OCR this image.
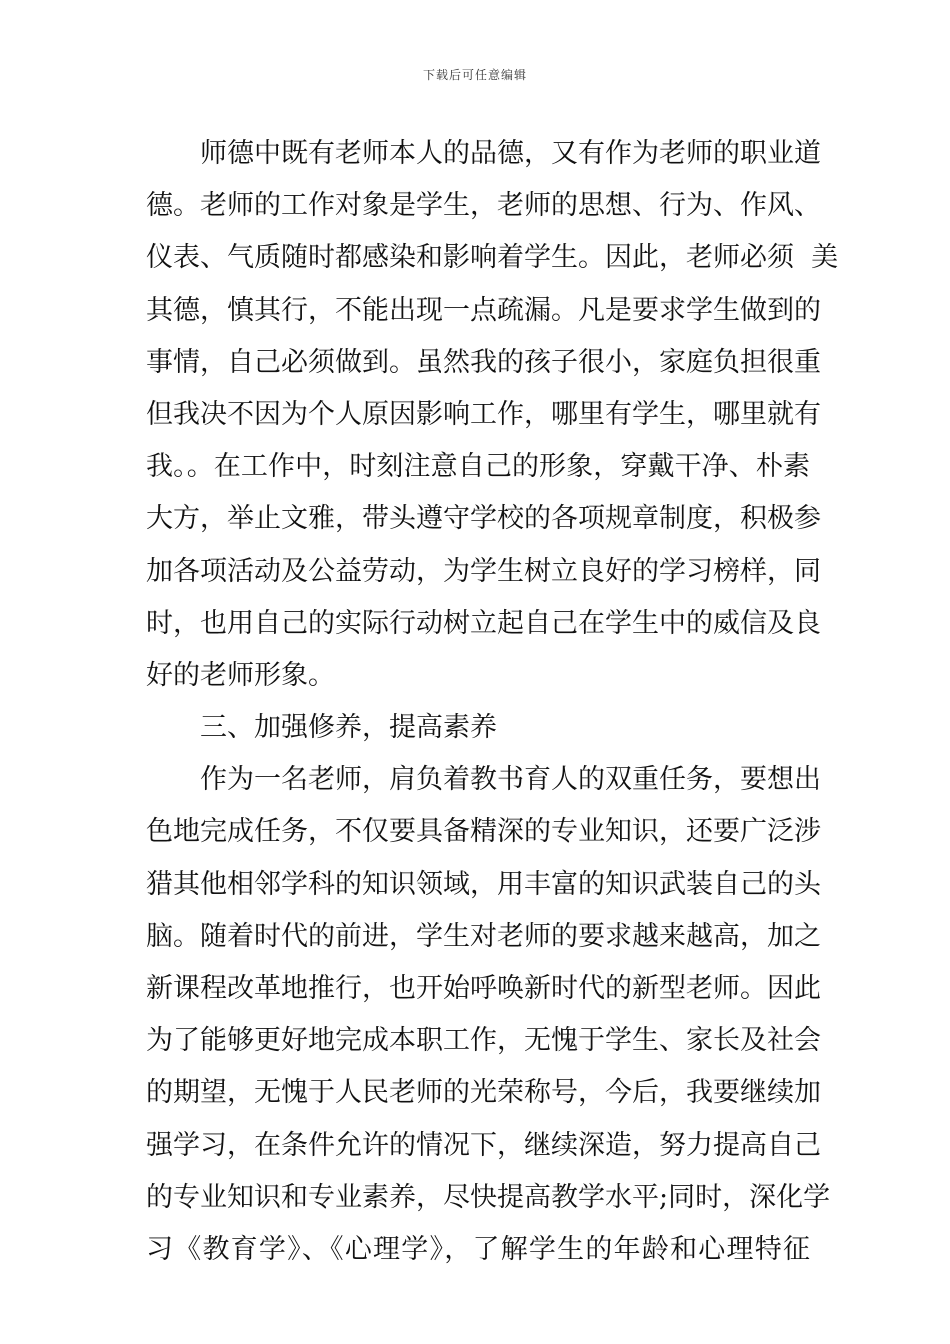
下载后可任意编辑
师德中既有老师本人的品德，又有作为老师的职业道
德。老师的工作对象是学生，老师的思想、行为、作风、
仪表、气质随时都感染和影响着学生。因此，老师必须  美
其德，慎其行，不能出现一点疏漏。凡是要求学生做到的
事情，自己必须做到。虽然我的孩子很小，家庭负担很重
但我决不因为个人原因影响工作，哪里有学生，哪里就有
我。。在工作中，时刻注意自己的形象，穿戴干净、朴素
大方，举止文雅，带头遵守学校的各项规章制度，积极参
加各项活动及公益劳动，为学生树立良好的学习榜样，同
时，也用自己的实际行动树立起自己在学生中的威信及良
好的老师形象。
三、加强修养，提高素养
作为一名老师，肩负着教书育人的双重任务，要想出
色地完成任务，不仅要具备精深的专业知识，还要广泛涉
猎其他相邻学科的知识领域，用丰富的知识武装自己的头
脑。随着时代的前进，学生对老师的要求越来越高，加之
新课程改革地推行，也开始呼唤新时代的新型老师。因此
为了能够更好地完成本职工作，无愧于学生、家长及社会
的期望，无愧于人民老师的光荣称号，今后，我要继续加
强学习，在条件允许的情况下，继续深造，努力提高自己
的专业知识和专业素养，尽快提高教学水平;同时，深化学
习《教育学》、《心理学》，了解学生的年龄和心理特征
